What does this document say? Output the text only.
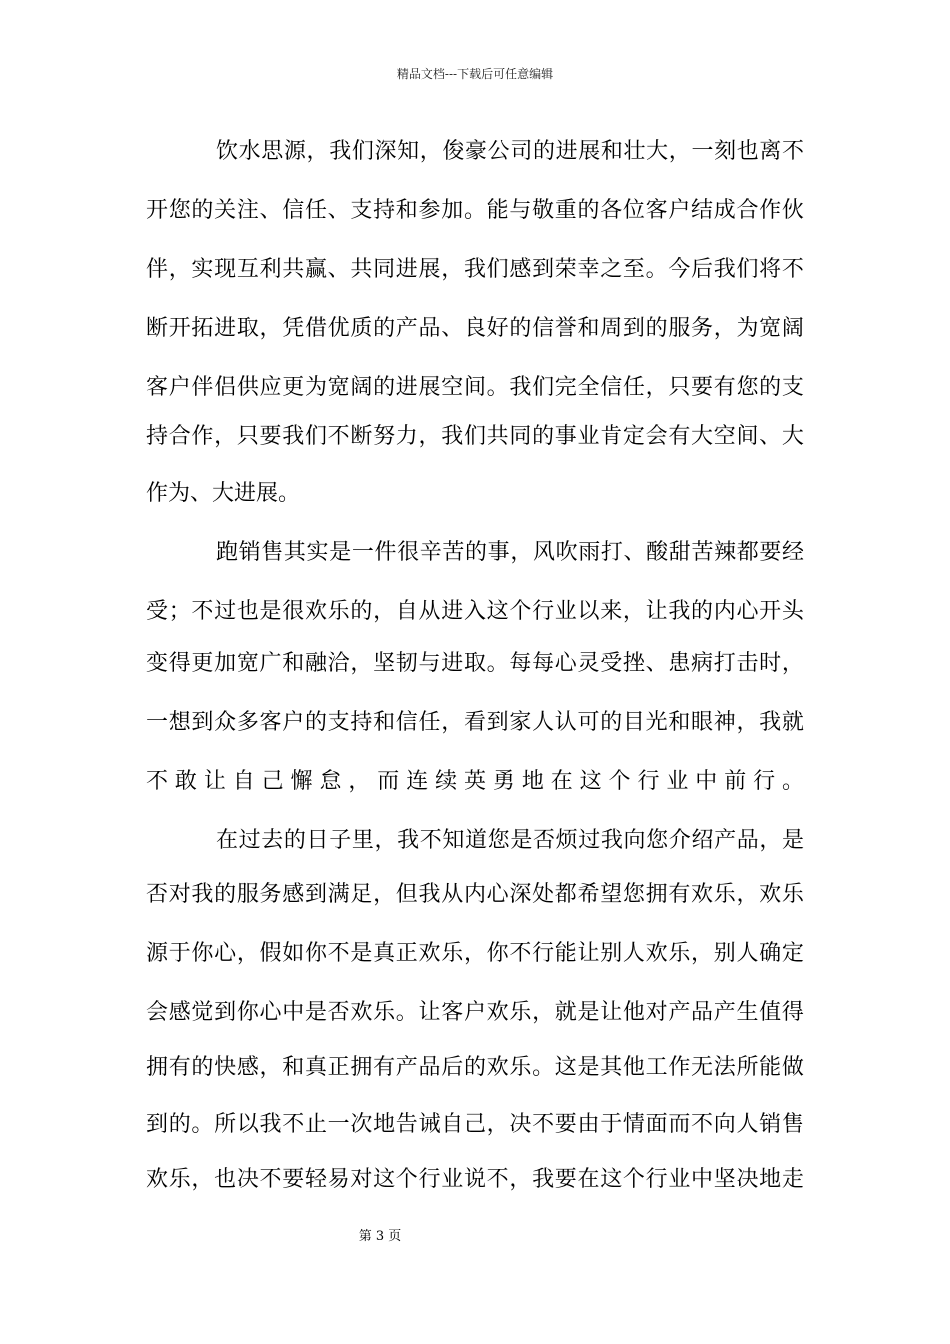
精品文档---下载后可任意编辑
饮水思源，我们深知，俊豪公司的进展和壮大，一刻也离不
开您的关注、信任、支持和参加。能与敬重的各位客户结成合作伙
伴，实现互利共赢、共同进展，我们感到荣幸之至。今后我们将不
断开拓进取，凭借优质的产品、良好的信誉和周到的服务，为宽阔
客户伴侣供应更为宽阔的进展空间。我们完全信任，只要有您的支
持合作，只要我们不断努力，我们共同的事业肯定会有大空间、大
作为、大进展。
跑销售其实是一件很辛苦的事，风吹雨打、酸甜苦辣都要经
受；不过也是很欢乐的，自从进入这个行业以来，让我的内心开头
变得更加宽广和融洽，坚韧与进取。每每心灵受挫、患病打击时，
一想到众多客户的支持和信任，看到家人认可的目光和眼神，我就
不敢让自己懈怠，而连续英勇地在这个行业中前行。
在过去的日子里，我不知道您是否烦过我向您介绍产品，是
否对我的服务感到满足，但我从内心深处都希望您拥有欢乐，欢乐
源于你心，假如你不是真正欢乐，你不行能让别人欢乐，别人确定
会感觉到你心中是否欢乐。让客户欢乐，就是让他对产品产生值得
拥有的快感，和真正拥有产品后的欢乐。这是其他工作无法所能做
到的。所以我不止一次地告诫自己，决不要由于情面而不向人销售
欢乐，也决不要轻易对这个行业说不，我要在这个行业中坚决地走
第 3 页
